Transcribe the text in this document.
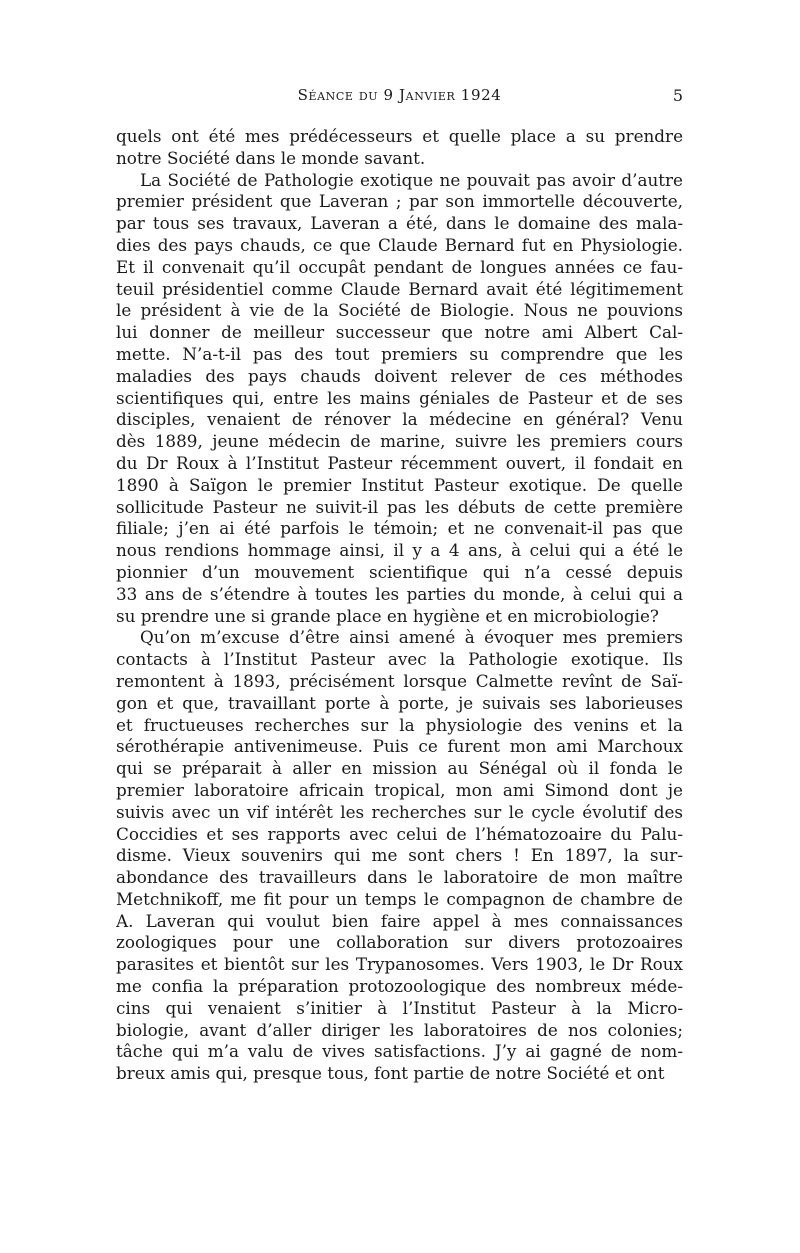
Séance du 9 Janvier 1924	5
quels ont été mes prédécesseurs et quelle place a su prendre
notre Société dans le monde savant.
La Société de Pathologie exotique ne pouvait pas avoir d’autre
premier président que Laveran ; par son immortelle découverte,
par tous ses travaux, Laveran a été, dans le domaine des mala-
dies des pays chauds, ce que Claude Bernard fut en Physiologie.
Et il convenait qu’il occupât pendant de longues années ce fau-
teuil présidentiel comme Claude Bernard avait été légitimement
le président à vie de la Société de Biologie. Nous ne pouvions
lui donner de meilleur successeur que notre ami Albert Cal-
mette. N’a-t-il pas des tout premiers su comprendre que les
maladies des pays chauds doivent relever de ces méthodes
scientifiques qui, entre les mains géniales de Pasteur et de ses
disciples, venaient de rénover la médecine en général? Venu
dès 1889, jeune médecin de marine, suivre les premiers cours
du Dr Roux à l’Institut Pasteur récemment ouvert, il fondait en
1890 à Saïgon le premier Institut Pasteur exotique. De quelle
sollicitude Pasteur ne suivit-il pas les débuts de cette première
filiale; j’en ai été parfois le témoin; et ne convenait-il pas que
nous rendions hommage ainsi, il y a 4 ans, à celui qui a été le
pionnier d’un mouvement scientifique qui n’a cessé depuis
33 ans de s’étendre à toutes les parties du monde, à celui qui a
su prendre une si grande place en hygiène et en microbiologie?
Qu’on m’excuse d’être ainsi amené à évoquer mes premiers
contacts à l’Institut Pasteur avec la Pathologie exotique. Ils
remontent à 1893, précisément lorsque Calmette revînt de Saï-
gon et que, travaillant porte à porte, je suivais ses laborieuses
et fructueuses recherches sur la physiologie des venins et la
sérothérapie antivenimeuse. Puis ce furent mon ami Marchoux
qui se préparait à aller en mission au Sénégal où il fonda le
premier laboratoire africain tropical, mon ami Simond dont je
suivis avec un vif intérêt les recherches sur le cycle évolutif des
Coccidies et ses rapports avec celui de l’hématozoaire du Palu-
disme. Vieux souvenirs qui me sont chers ! En 1897, la sur-
abondance des travailleurs dans le laboratoire de mon maître
Metchnikoff, me fit pour un temps le compagnon de chambre de
A. Laveran qui voulut bien faire appel à mes connaissances
zoologiques pour une collaboration sur divers protozoaires
parasites et bientôt sur les Trypanosomes. Vers 1903, le Dr Roux
me confia la préparation protozoologique des nombreux méde-
cins qui venaient s’initier à l’Institut Pasteur à la Micro-
biologie, avant d’aller diriger les laboratoires de nos colonies;
tâche qui m’a valu de vives satisfactions. J’y ai gagné de nom-
breux amis qui, presque tous, font partie de notre Société et ont
